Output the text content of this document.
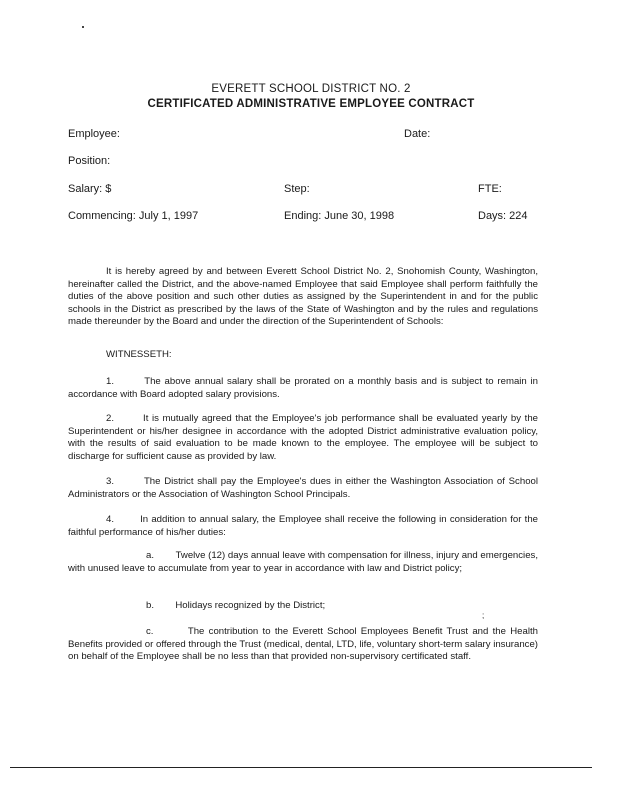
EVERETT SCHOOL DISTRICT NO. 2
CERTIFICATED ADMINISTRATIVE EMPLOYEE CONTRACT
Employee:	Date:
Position:
Salary: $	Step:	FTE:
Commencing: July 1, 1997	Ending: June 30, 1998	Days: 224
It is hereby agreed by and between Everett School District No. 2, Snohomish County, Washington, hereinafter called the District, and the above-named Employee that said Employee shall perform faithfully the duties of the above position and such other duties as assigned by the Superintendent in and for the public schools in the District as prescribed by the laws of the State of Washington and by the rules and regulations made thereunder by the Board and under the direction of the Superintendent of Schools:
WITNESSETH:
1.	The above annual salary shall be prorated on a monthly basis and is subject to remain in accordance with Board adopted salary provisions.
2.	It is mutually agreed that the Employee's job performance shall be evaluated yearly by the Superintendent or his/her designee in accordance with the adopted District administrative evaluation policy, with the results of said evaluation to be made known to the employee. The employee will be subject to discharge for sufficient cause as provided by law.
3.	The District shall pay the Employee's dues in either the Washington Association of School Administrators or the Association of Washington School Principals.
4.	In addition to annual salary, the Employee shall receive the following in consideration for the faithful performance of his/her duties:
a. Twelve (12) days annual leave with compensation for illness, injury and emergencies, with unused leave to accumulate from year to year in accordance with law and District policy;
b. Holidays recognized by the District;
;
c.	The contribution to the Everett School Employees Benefit Trust and the Health Benefits provided or offered through the Trust (medical, dental, LTD, life, voluntary short-term salary insurance) on behalf of the Employee shall be no less than that provided non-supervisory certificated staff.
